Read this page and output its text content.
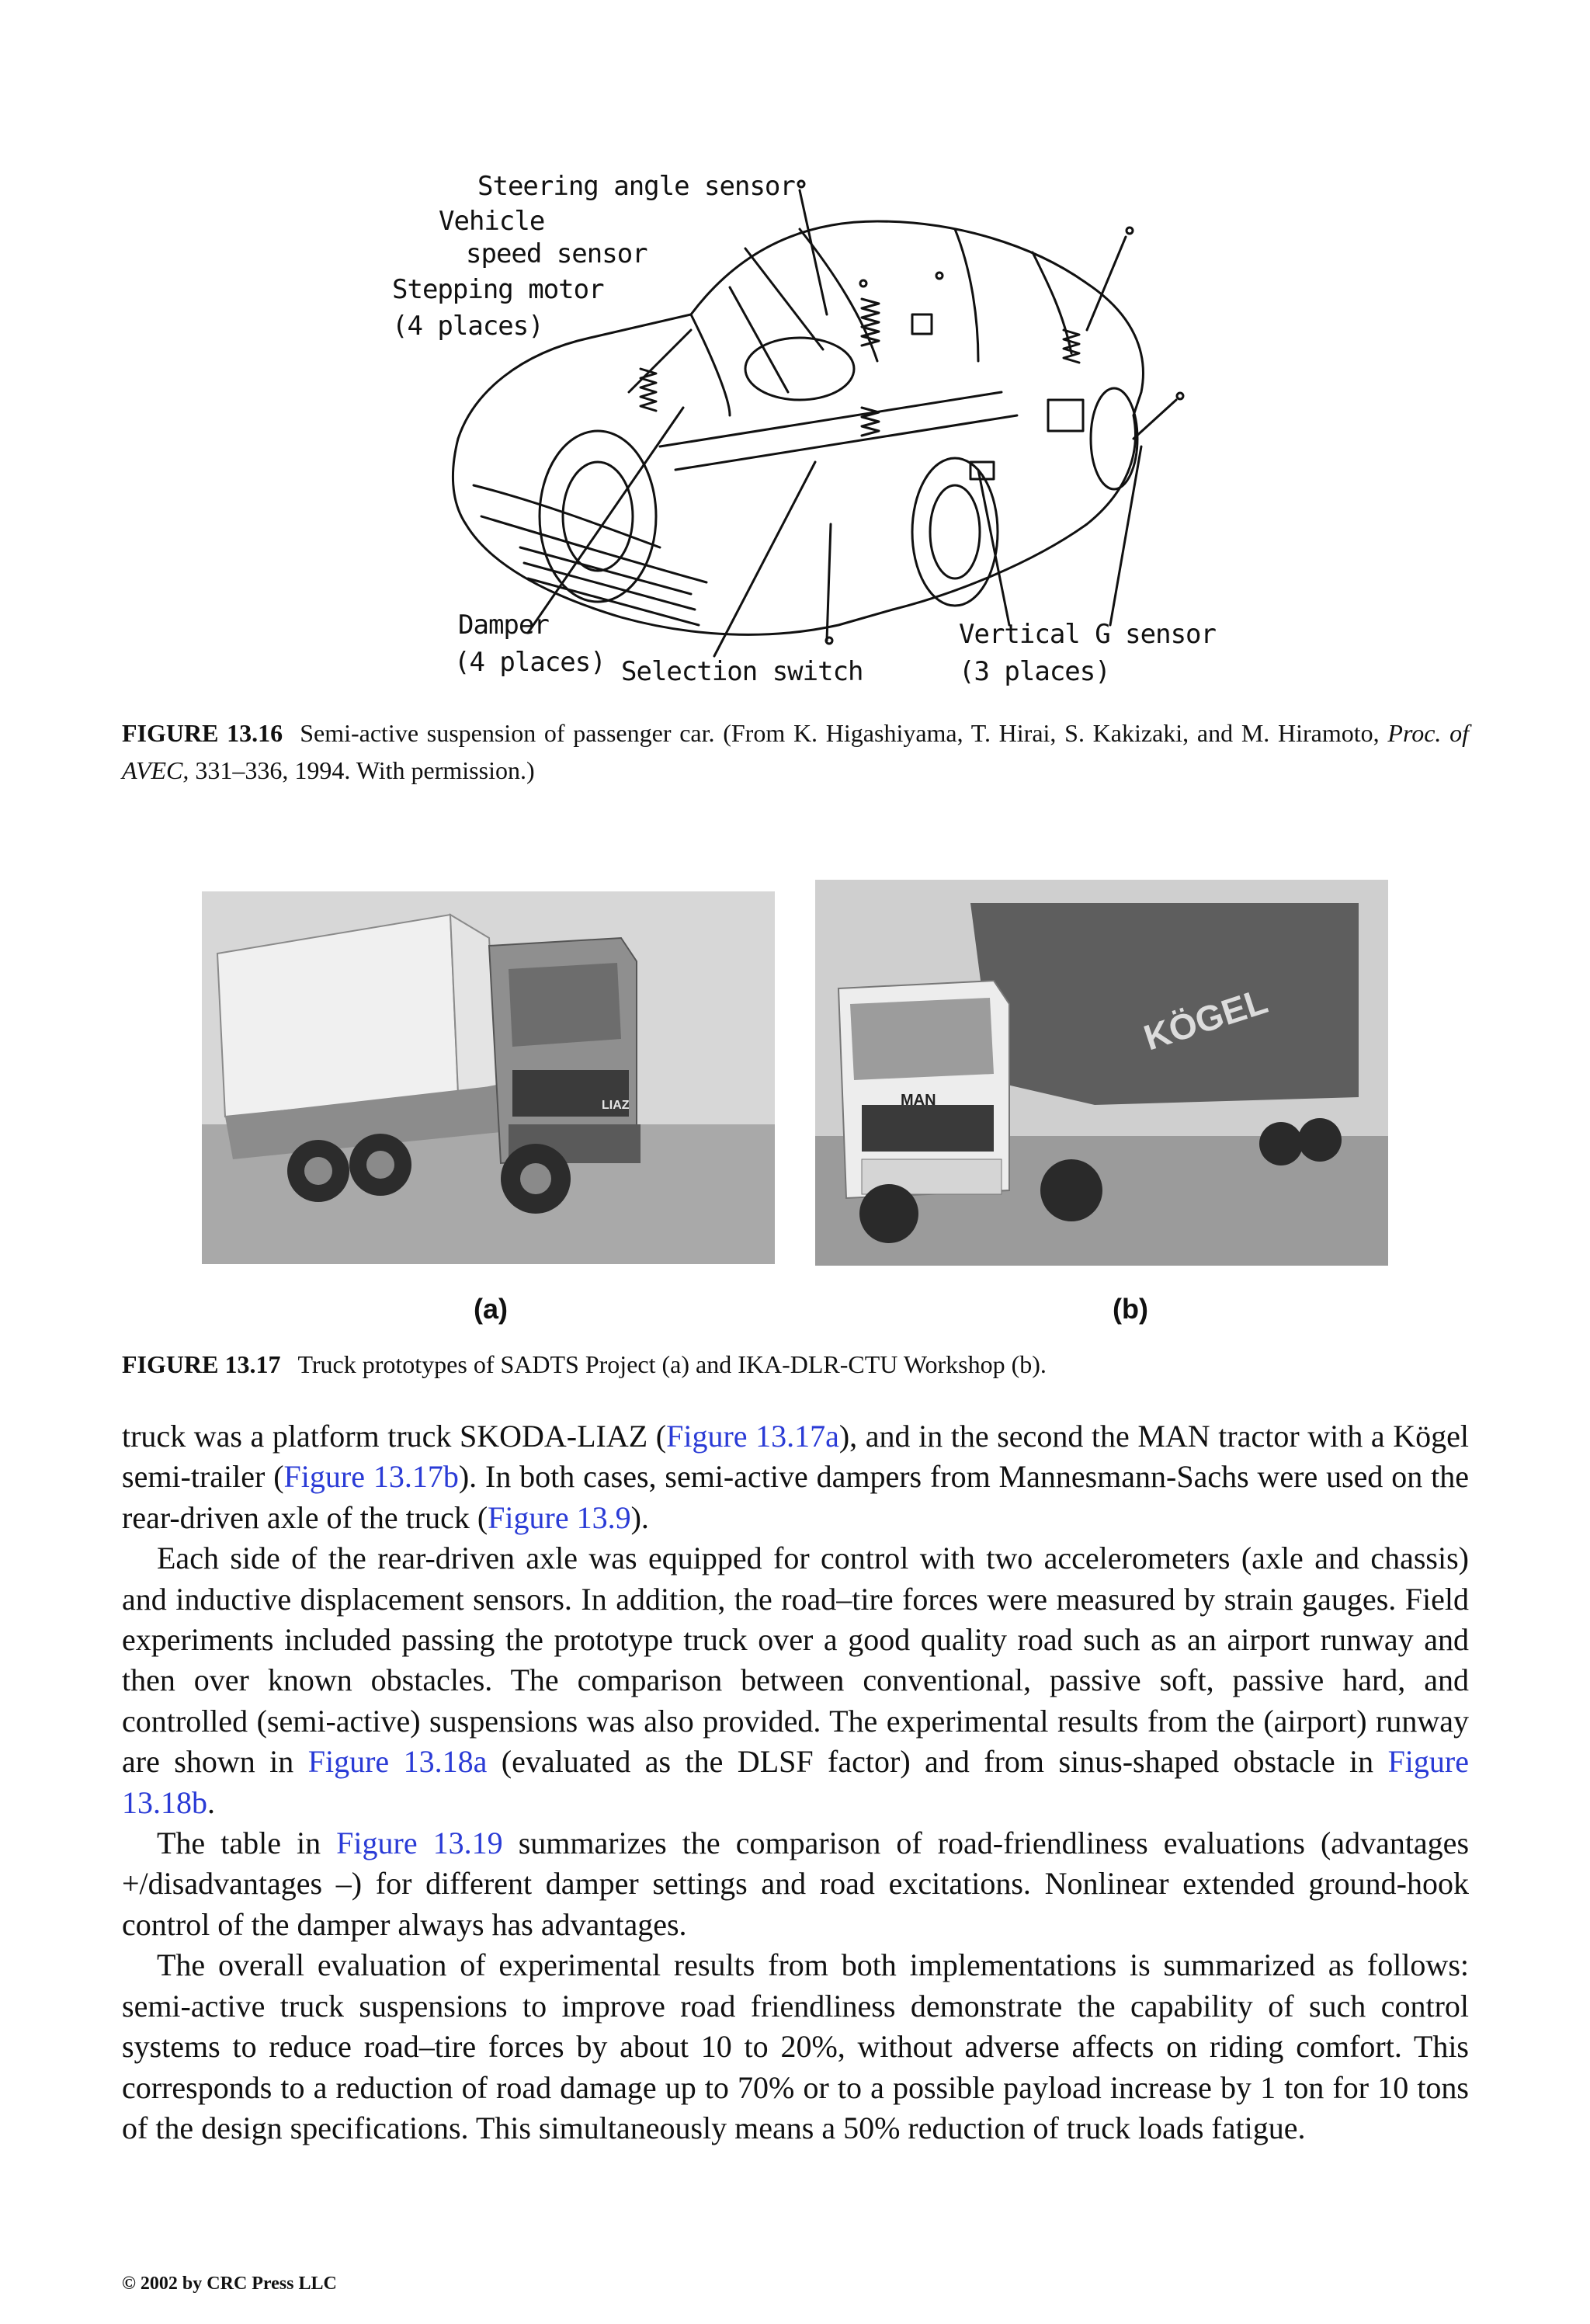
Steering angle sensor
Vehicle
speed sensor
Stepping motor
(4 places)
Damper
(4 places) Selection switch
Vertical G sensor
(3 places)
FIGURE 13.16 Semi-active suspension of passenger car. (From K. Higashiyama, T. Hirai, S. Kakizaki, and M. Hiramoto, Proc. of AVEC, 331–336, 1994. With permission.)
LIAZ
KÖGEL
MAN
(a)	(b)
FIGURE 13.17 Truck prototypes of SADTS Project (a) and IKA-DLR-CTU Workshop (b).

truck was a platform truck SKODA-LIAZ (Figure 13.17a), and in the second the MAN tractor with a Kögel semi-trailer (Figure 13.17b). In both cases, semi-active dampers from Mannesmann-Sachs were used on the rear-driven axle of the truck (Figure 13.9).

Each side of the rear-driven axle was equipped for control with two accelerometers (axle and chassis) and inductive displacement sensors. In addition, the road–tire forces were measured by strain gauges. Field experiments included passing the prototype truck over a good quality road such as an airport runway and then over known obstacles. The comparison between conventional, passive soft, passive hard, and controlled (semi-active) suspensions was also provided. The experimental results from the (airport) runway are shown in Figure 13.18a (evaluated as the DLSF factor) and from sinus-shaped obstacle in Figure 13.18b.

The table in Figure 13.19 summarizes the comparison of road-friendliness evaluations (advantages +/disadvantages –) for different damper settings and road excitations. Nonlinear extended ground-hook control of the damper always has advantages.

The overall evaluation of experimental results from both implementations is summarized as follows: semi-active truck suspensions to improve road friendliness demonstrate the capability of such control systems to reduce road–tire forces by about 10 to 20%, without adverse affects on riding comfort. This corresponds to a reduction of road damage up to 70% or to a possible payload increase by 1 ton for 10 tons of the design specifications. This simultaneously means a 50% reduction of truck loads fatigue.

© 2002 by CRC Press LLC
